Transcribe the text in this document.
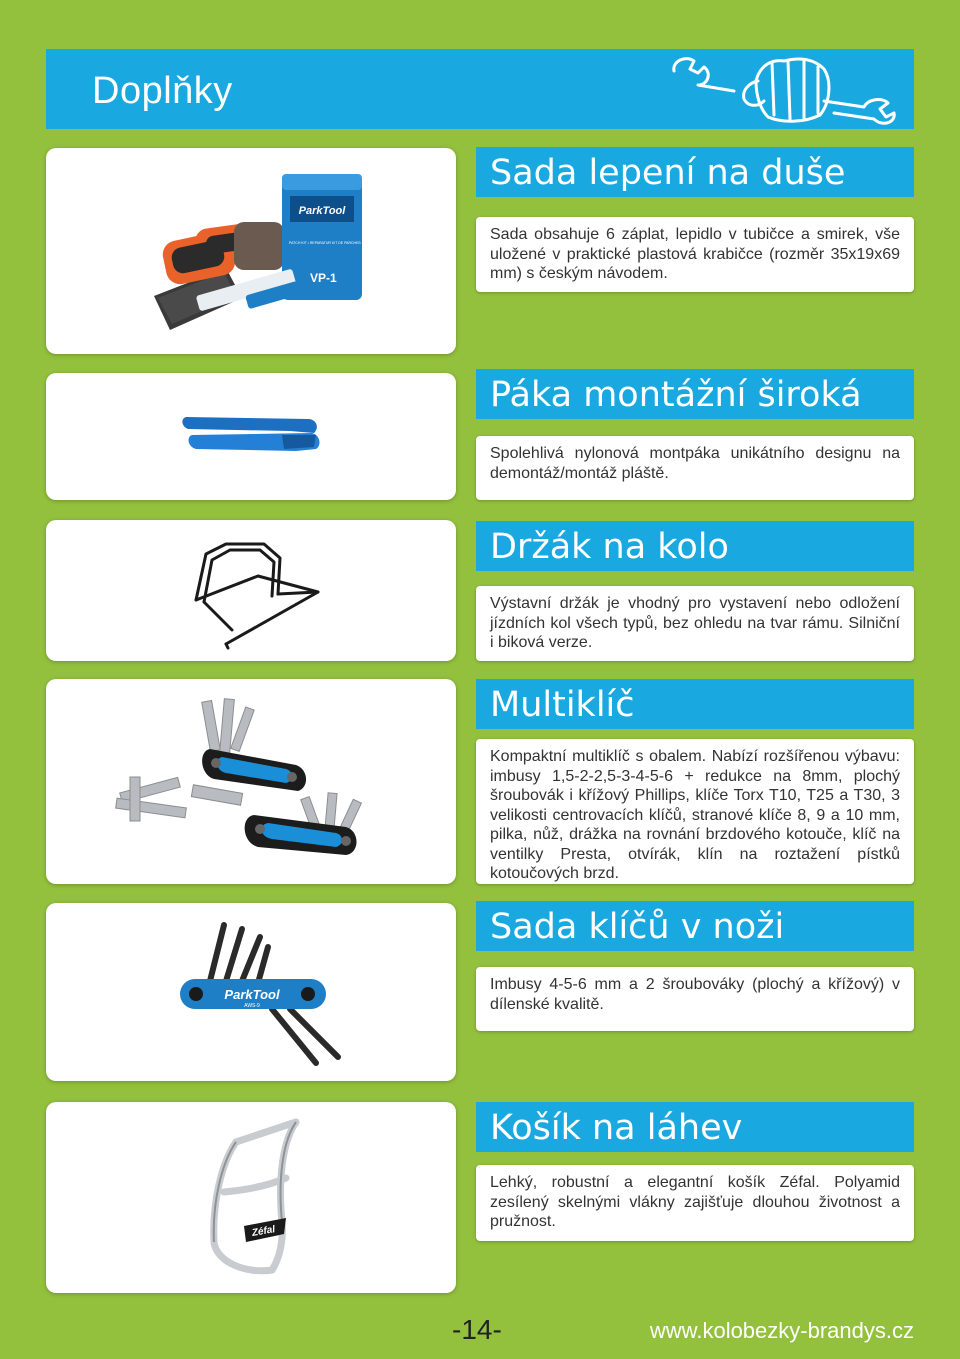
Doplňky
ParkTool
PATCH KIT • REPARATUR KIT DE PARCHES • PARCHE
VP-1
Sada lepení na duše
Sada obsahuje 6 záplat, lepidlo v tubičce a smirek, vše uložené v praktické plastová krabičce (rozměr 35x19x69 mm) s českým návodem.
Páka montážní široká
Spolehlivá nylonová montpáka unikátního designu na demontáž/montáž pláště.
Držák na kolo
Výstavní držák je vhodný pro vystavení nebo odložení jízdních kol všech typů, bez ohledu na tvar rámu. Silniční i biková verze.
Multiklíč
Kompaktní multiklíč s obalem. Nabízí rozšířenou výbavu: imbusy 1,5-2-2,5-3-4-5-6 + redukce na 8mm, plochý šroubovák i křížový Phillips, klíče Torx T10, T25 a T30, 3 velikosti centrovacích klíčů, stranové klíče 8, 9 a 10 mm, pilka, nůž, drážka na rovnání brzdového kotouče, klíč na ventilky Presta, otvírák, klín na roztažení pístků kotoučových brzd.
ParkTool
AWS-9
Sada klíčů v noži
Imbusy 4-5-6 mm a 2 šroubováky (plochý a křížový) v dílenské kvalitě.
Zéfal
Košík na láhev
Lehký, robustní a elegantní košík Zéfal. Polyamid zesílený skelnými vlákny zajišťuje dlouhou životnost a pružnost.
-14-	www.kolobezky-brandys.cz
